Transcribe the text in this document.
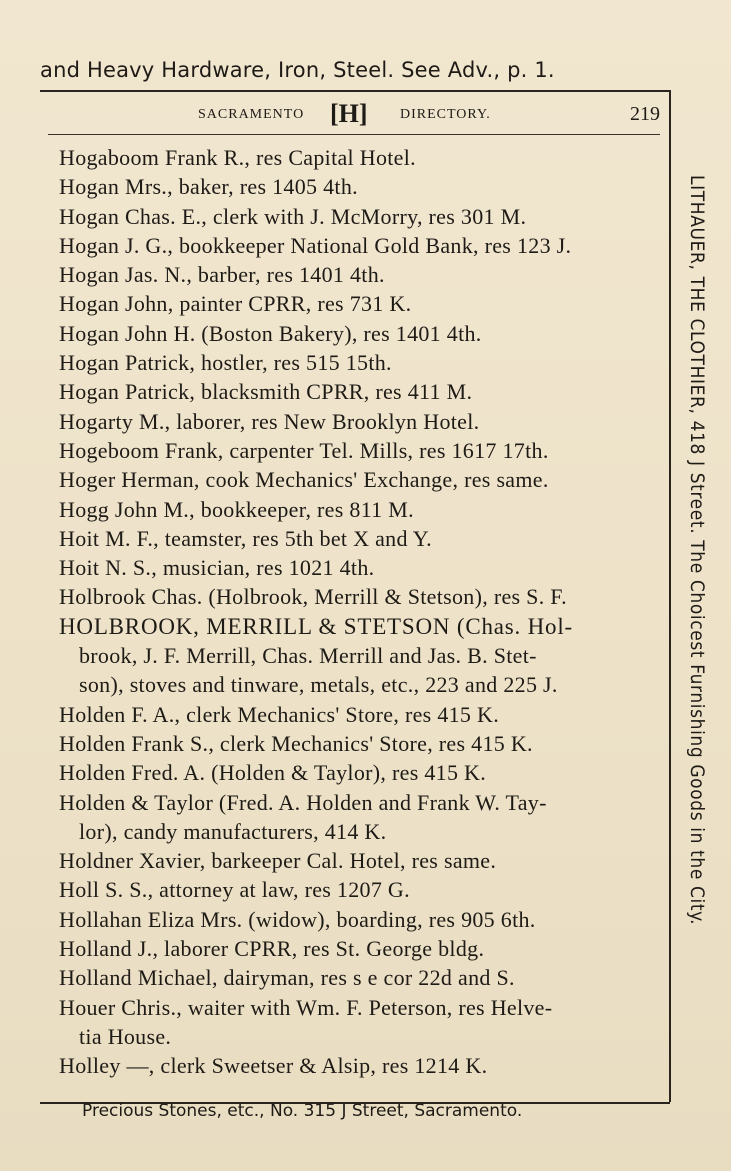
and Heavy Hardware, Iron, Steel. See Adv., p. 1.
SACRAMENTO [H] DIRECTORY.	219
Hogaboom Frank R., res Capital Hotel.
Hogan Mrs., baker, res 1405 4th.
Hogan Chas. E., clerk with J. McMorry, res 301 M.
Hogan J. G., bookkeeper National Gold Bank, res 123 J.
Hogan Jas. N., barber, res 1401 4th.
Hogan John, painter CPRR, res 731 K.
Hogan John H. (Boston Bakery), res 1401 4th.
Hogan Patrick, hostler, res 515 15th.
Hogan Patrick, blacksmith CPRR, res 411 M.
Hogarty M., laborer, res New Brooklyn Hotel.
Hogeboom Frank, carpenter Tel. Mills, res 1617 17th.
Hoger Herman, cook Mechanics' Exchange, res same.
Hogg John M., bookkeeper, res 811 M.
Hoit M. F., teamster, res 5th bet X and Y.
Hoit N. S., musician, res 1021 4th.
Holbrook Chas. (Holbrook, Merrill & Stetson), res S. F.
HOLBROOK, MERRILL & STETSON (Chas. Hol-
brook, J. F. Merrill, Chas. Merrill and Jas. B. Stet-
son), stoves and tinware, metals, etc., 223 and 225 J.
Holden F. A., clerk Mechanics' Store, res 415 K.
Holden Frank S., clerk Mechanics' Store, res 415 K.
Holden Fred. A. (Holden & Taylor), res 415 K.
Holden & Taylor (Fred. A. Holden and Frank W. Tay-
lor), candy manufacturers, 414 K.
Holdner Xavier, barkeeper Cal. Hotel, res same.
Holl S. S., attorney at law, res 1207 G.
Hollahan Eliza Mrs. (widow), boarding, res 905 6th.
Holland J., laborer CPRR, res St. George bldg.
Holland Michael, dairyman, res s e cor 22d and S.
Houer Chris., waiter with Wm. F. Peterson, res Helve-
tia House.
Holley —, clerk Sweetser & Alsip, res 1214 K.
LITHAUER, THE CLOTHIER, 418 J Street. The Choicest Furnishing Goods in the City.
Precious Stones, etc., No. 315 J Street, Sacramento.
